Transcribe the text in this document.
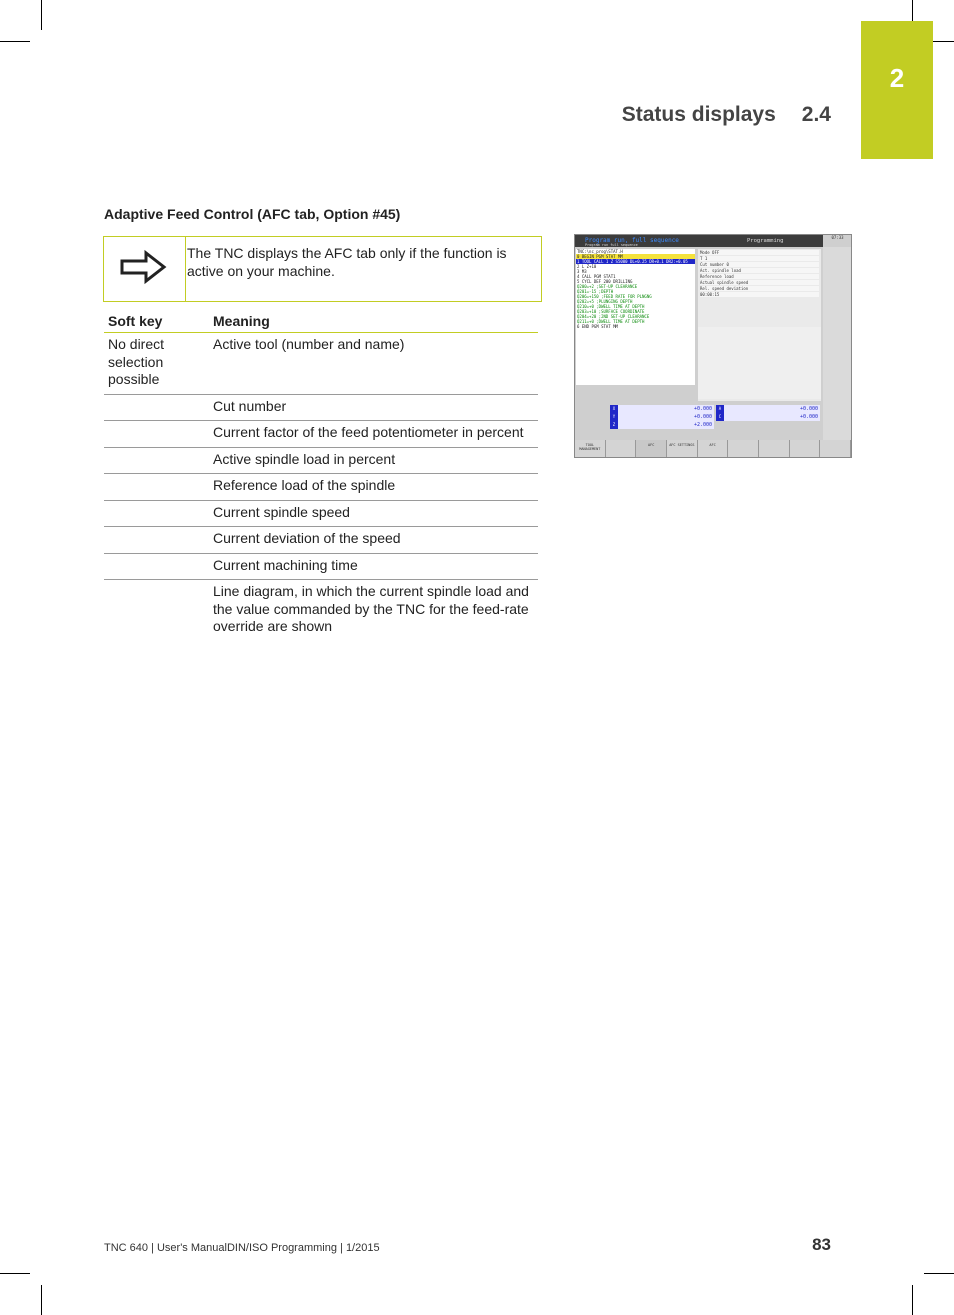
2
Status displays 2.4
Adaptive Feed Control (AFC tab, Option #45)
The TNC displays the AFC tab only if the function is active on your machine.
Soft key	Meaning
No direct selection possible	Active tool (number and name)
	Cut number
	Current factor of the feed potentiometer in percent
	Active spindle load in percent
	Reference load of the spindle
	Current spindle speed
	Current deviation of the speed
	Current machining time
	Line diagram, in which the current spindle load and the value commanded by the TNC for the feed-rate override are shown
Program run, full sequence
Program run full sequence
Programming
07:33
TNC:\nc_prog\STAT.H
0 BEGIN PGM STAT MM
1 TOOL CALL 1 Z S5000 DL+0.25 DR+0.1 DR2:+0.05
2 L Z+10
3 M3
4 CALL PGM STAT1
5 CYCL DEF 200 DRILLING
Q200=+2 ;SET-UP CLEARANCE
Q201=-15 ;DEPTH
Q206=+150 ;FEED RATE FOR PLNGNG
Q202=+5 ;PLUNGING DEPTH
Q210=+0 ;DWELL TIME AT DEPTH
Q203=+10 ;SURFACE COORDINATE
Q204=+20 ;2ND SET-UP CLEARANCE
Q211=+0 ;DWELL TIME AT DEPTH
6 END PGM STAT MM
Mode OFF
T 1
Cut number 0
Act. spindle load
Reference load
Actual spindle speed
Rel. speed deviation
00:00:15
X	+0.000
Y	+0.000
Z	+2.000
A	+0.000
C	+0.000
TOOL MANAGEMENT
AFC	AFC SETTINGS	AFC
TNC 640 | User's ManualDIN/ISO Programming | 1/2015	83
